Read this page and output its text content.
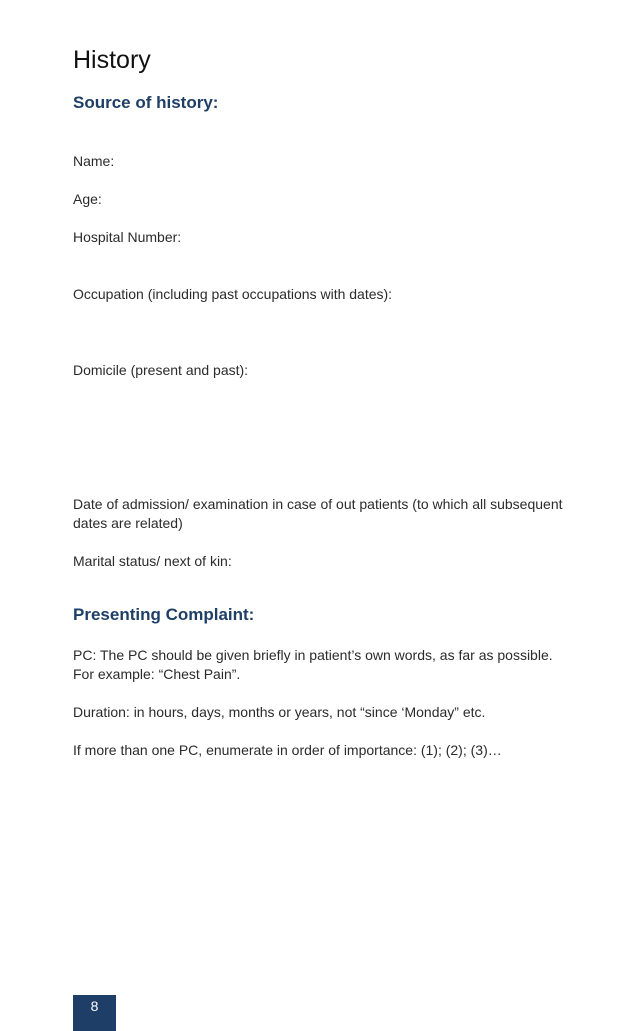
History
Source of history:

Name:

Age:

Hospital Number:

Occupation (including past occupations with dates):

Domicile (present and past):

Date of admission/ examination in case of out patients (to which all subsequent dates are related)

Marital status/ next of kin:

Presenting Complaint:

PC: The PC should be given briefly in patient’s own words, as far as possible. For example: “Chest Pain”.

Duration: in hours, days, months or years, not “since ‘Monday” etc.

If more than one PC, enumerate in order of importance: (1); (2); (3)…

8
